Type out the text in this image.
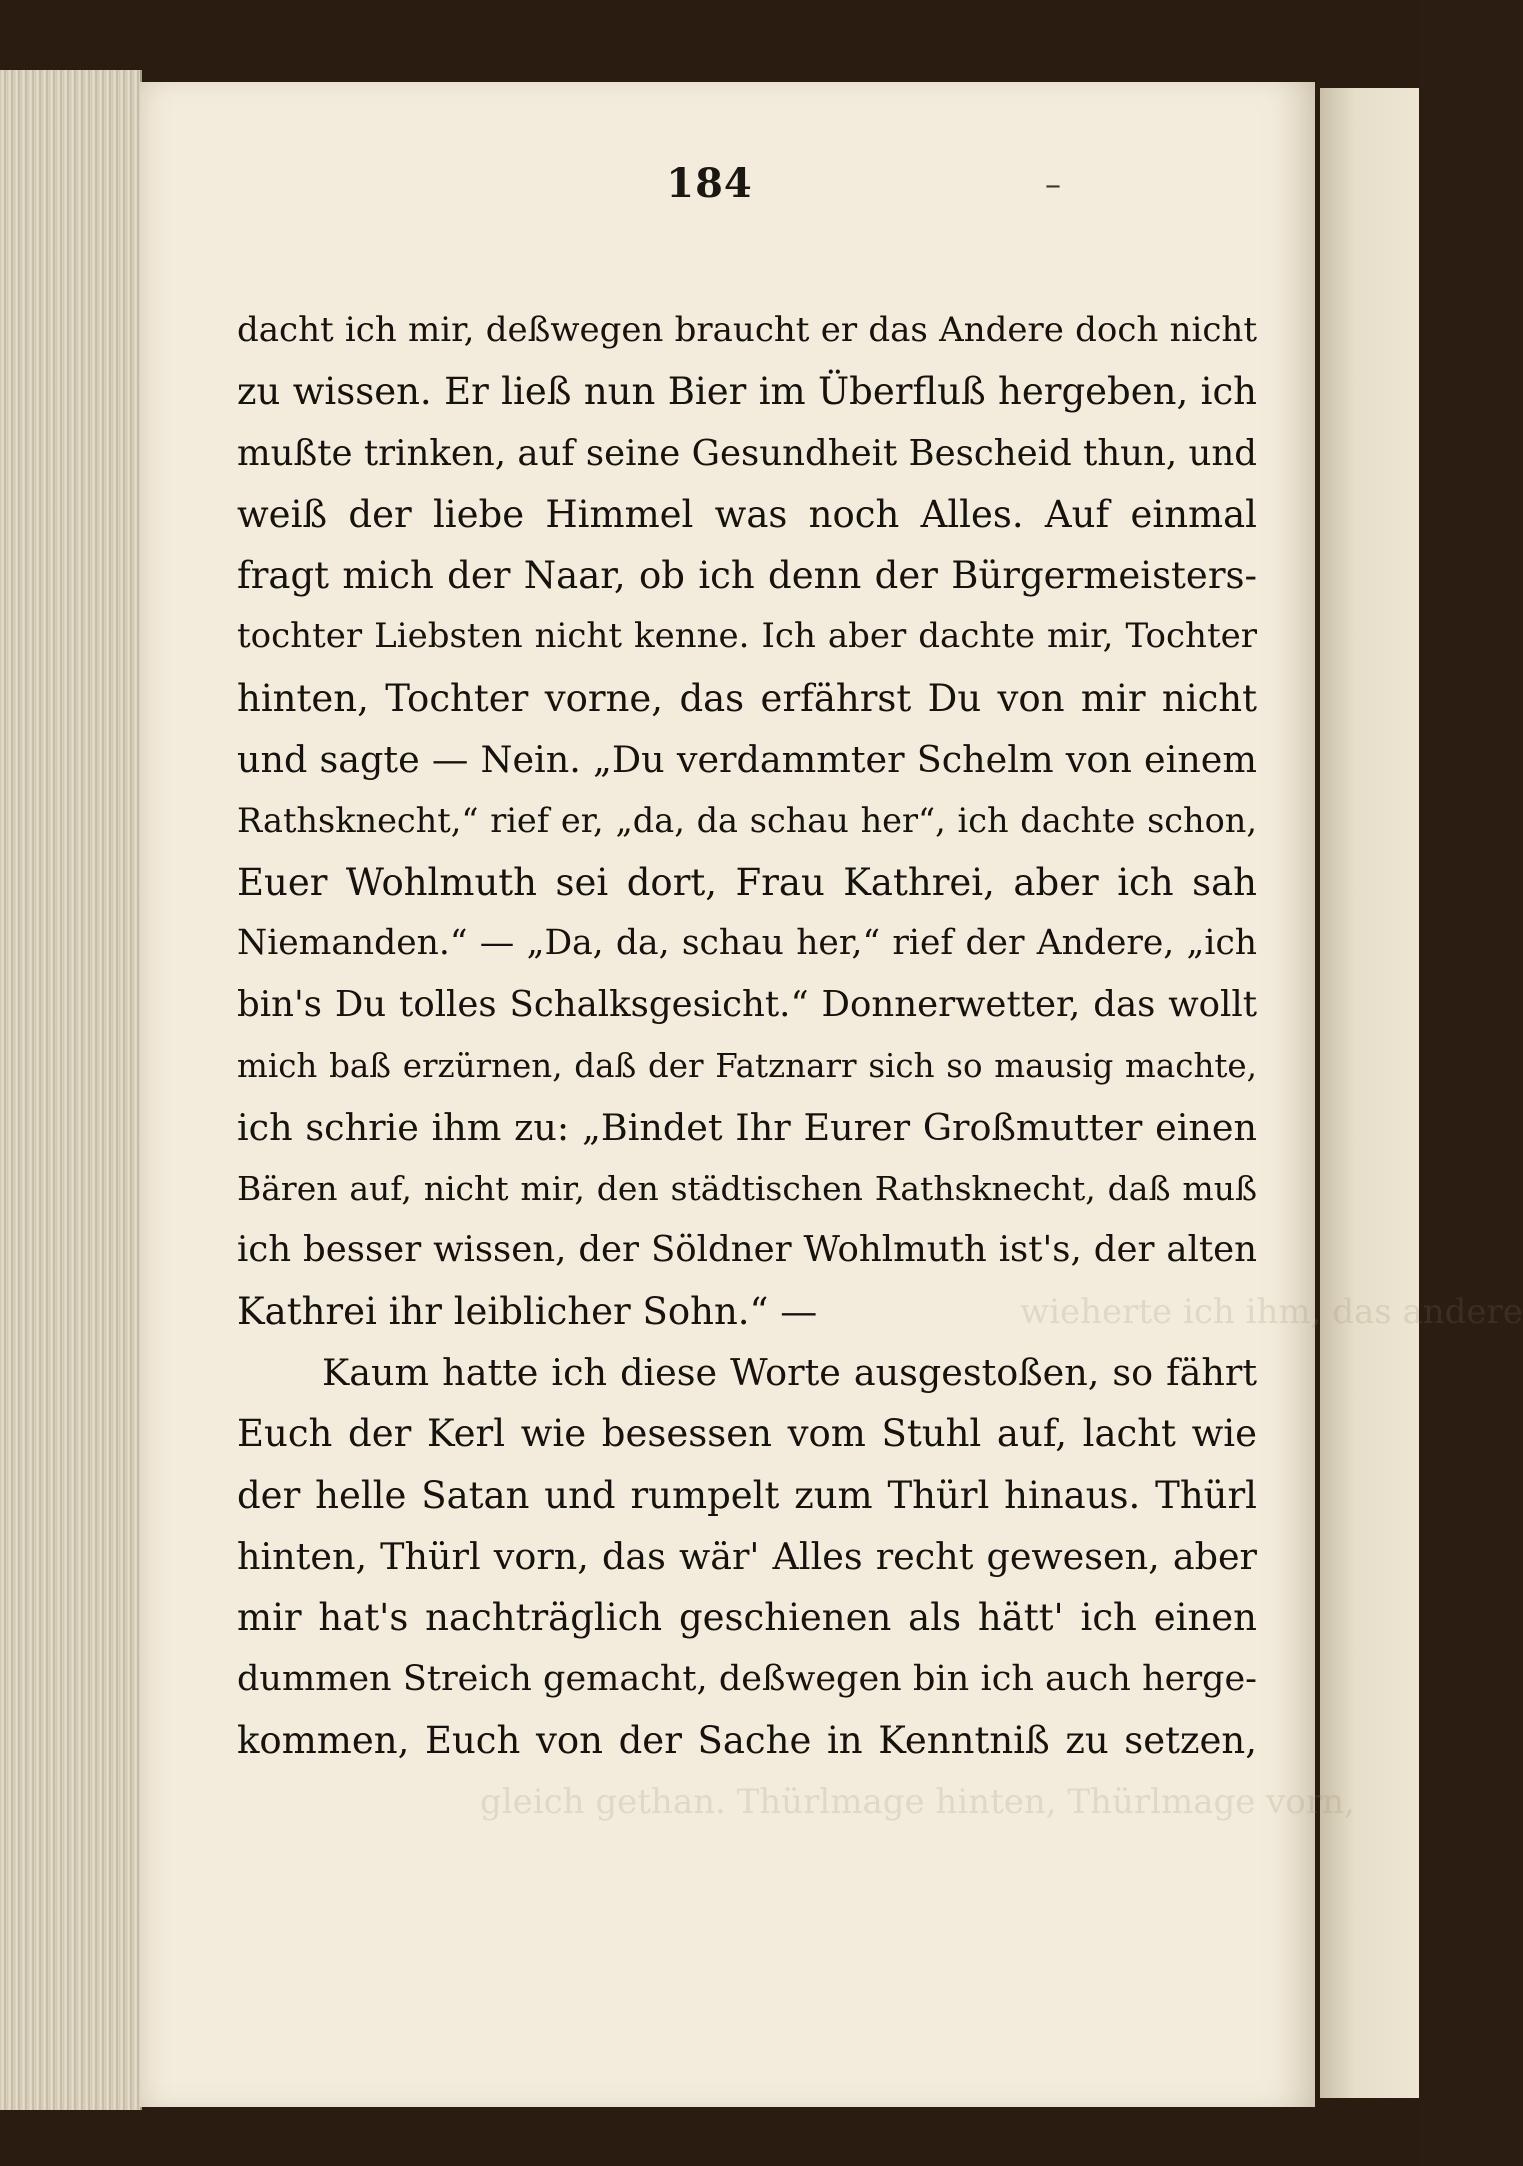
wieherte ich ihm, das andere
gleich gethan. Thürlmage hinten, Thürlmage vorn,
184	–
dacht ich mir, deßwegen braucht er das Andere doch nicht
zu wissen. Er ließ nun Bier im Überfluß hergeben, ich
mußte trinken, auf seine Gesundheit Bescheid thun, und
weiß der liebe Himmel was noch Alles. Auf einmal
fragt mich der Naar, ob ich denn der Bürgermeisters-
tochter Liebsten nicht kenne. Ich aber dachte mir, Tochter
hinten, Tochter vorne, das erfährst Du von mir nicht
und sagte — Nein. „Du verdammter Schelm von einem
Rathsknecht,“ rief er, „da, da schau her“, ich dachte schon,
Euer Wohlmuth sei dort, Frau Kathrei, aber ich sah
Niemanden.“ — „Da, da, schau her,“ rief der Andere, „ich
bin's Du tolles Schalksgesicht.“ Donnerwetter, das wollt
mich baß erzürnen, daß der Fatznarr sich so mausig machte,
ich schrie ihm zu: „Bindet Ihr Eurer Großmutter einen
Bären auf, nicht mir, den städtischen Rathsknecht, daß muß
ich besser wissen, der Söldner Wohlmuth ist's, der alten
Kathrei ihr leiblicher Sohn.“ —
Kaum hatte ich diese Worte ausgestoßen, so fährt
Euch der Kerl wie besessen vom Stuhl auf, lacht wie
der helle Satan und rumpelt zum Thürl hinaus. Thürl
hinten, Thürl vorn, das wär' Alles recht gewesen, aber
mir hat's nachträglich geschienen als hätt' ich einen
dummen Streich gemacht, deßwegen bin ich auch herge-
kommen, Euch von der Sache in Kenntniß zu setzen,
